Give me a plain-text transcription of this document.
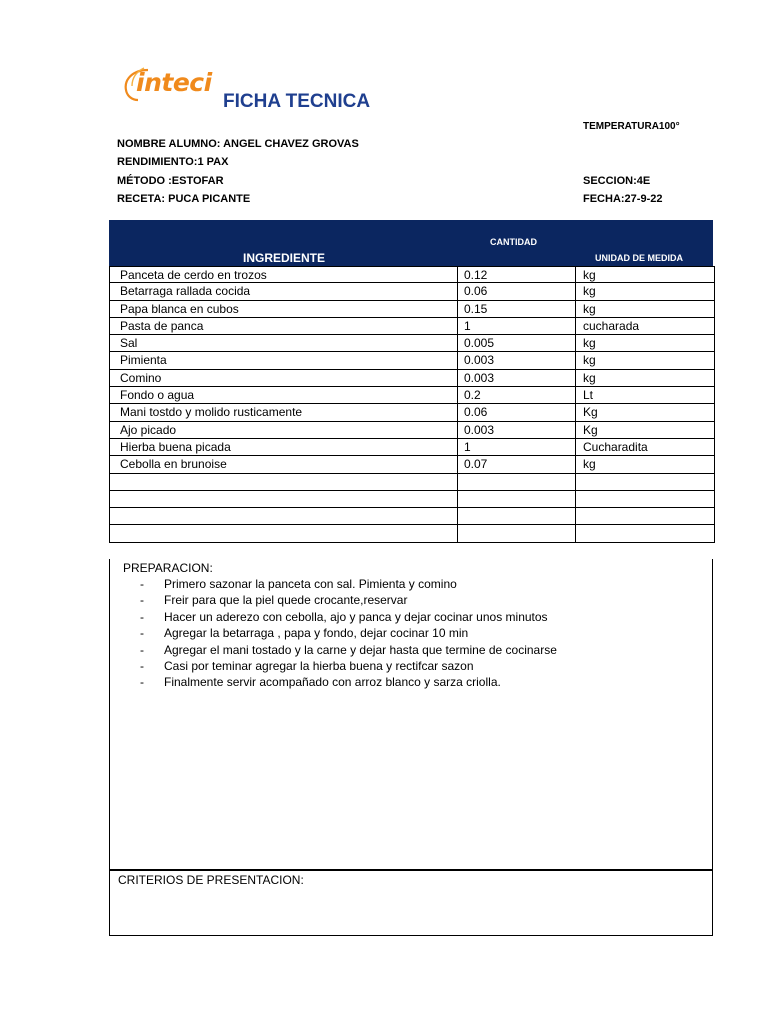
inteci
FICHA TECNICA
TEMPERATURA100°
NOMBRE ALUMNO: ANGEL CHAVEZ GROVAS
RENDIMIENTO:1 PAX
MÉTODO :ESTOFAR	SECCION:4E
RECETA: PUCA PICANTE	FECHA:27-9-22
INGREDIENTE
CANTIDAD
UNIDAD DE MEDIDA
Panceta de cerdo en trozos	0.12	kg
Betarraga rallada cocida	0.06	kg
Papa blanca en cubos	0.15	kg
Pasta de panca	1	cucharada
Sal	0.005	kg
Pimienta	0.003	kg
Comino	0.003	kg
Fondo o agua	0.2	Lt
Mani tostdo y molido rusticamente	0.06	Kg
Ajo picado	0.003	Kg
Hierba buena picada	1	Cucharadita
Cebolla en brunoise	0.07	kg
PREPARACION:
- Primero sazonar la panceta con sal. Pimienta y comino
- Freir para que la piel quede crocante,reservar
- Hacer un aderezo con cebolla, ajo y panca y dejar cocinar unos minutos
- Agregar la betarraga , papa y fondo, dejar cocinar 10 min
- Agregar el mani tostado y la carne y dejar hasta que termine de cocinarse
- Casi por teminar agregar la hierba buena y rectifcar sazon
- Finalmente servir acompañado con arroz blanco y sarza criolla.
CRITERIOS DE PRESENTACION:
